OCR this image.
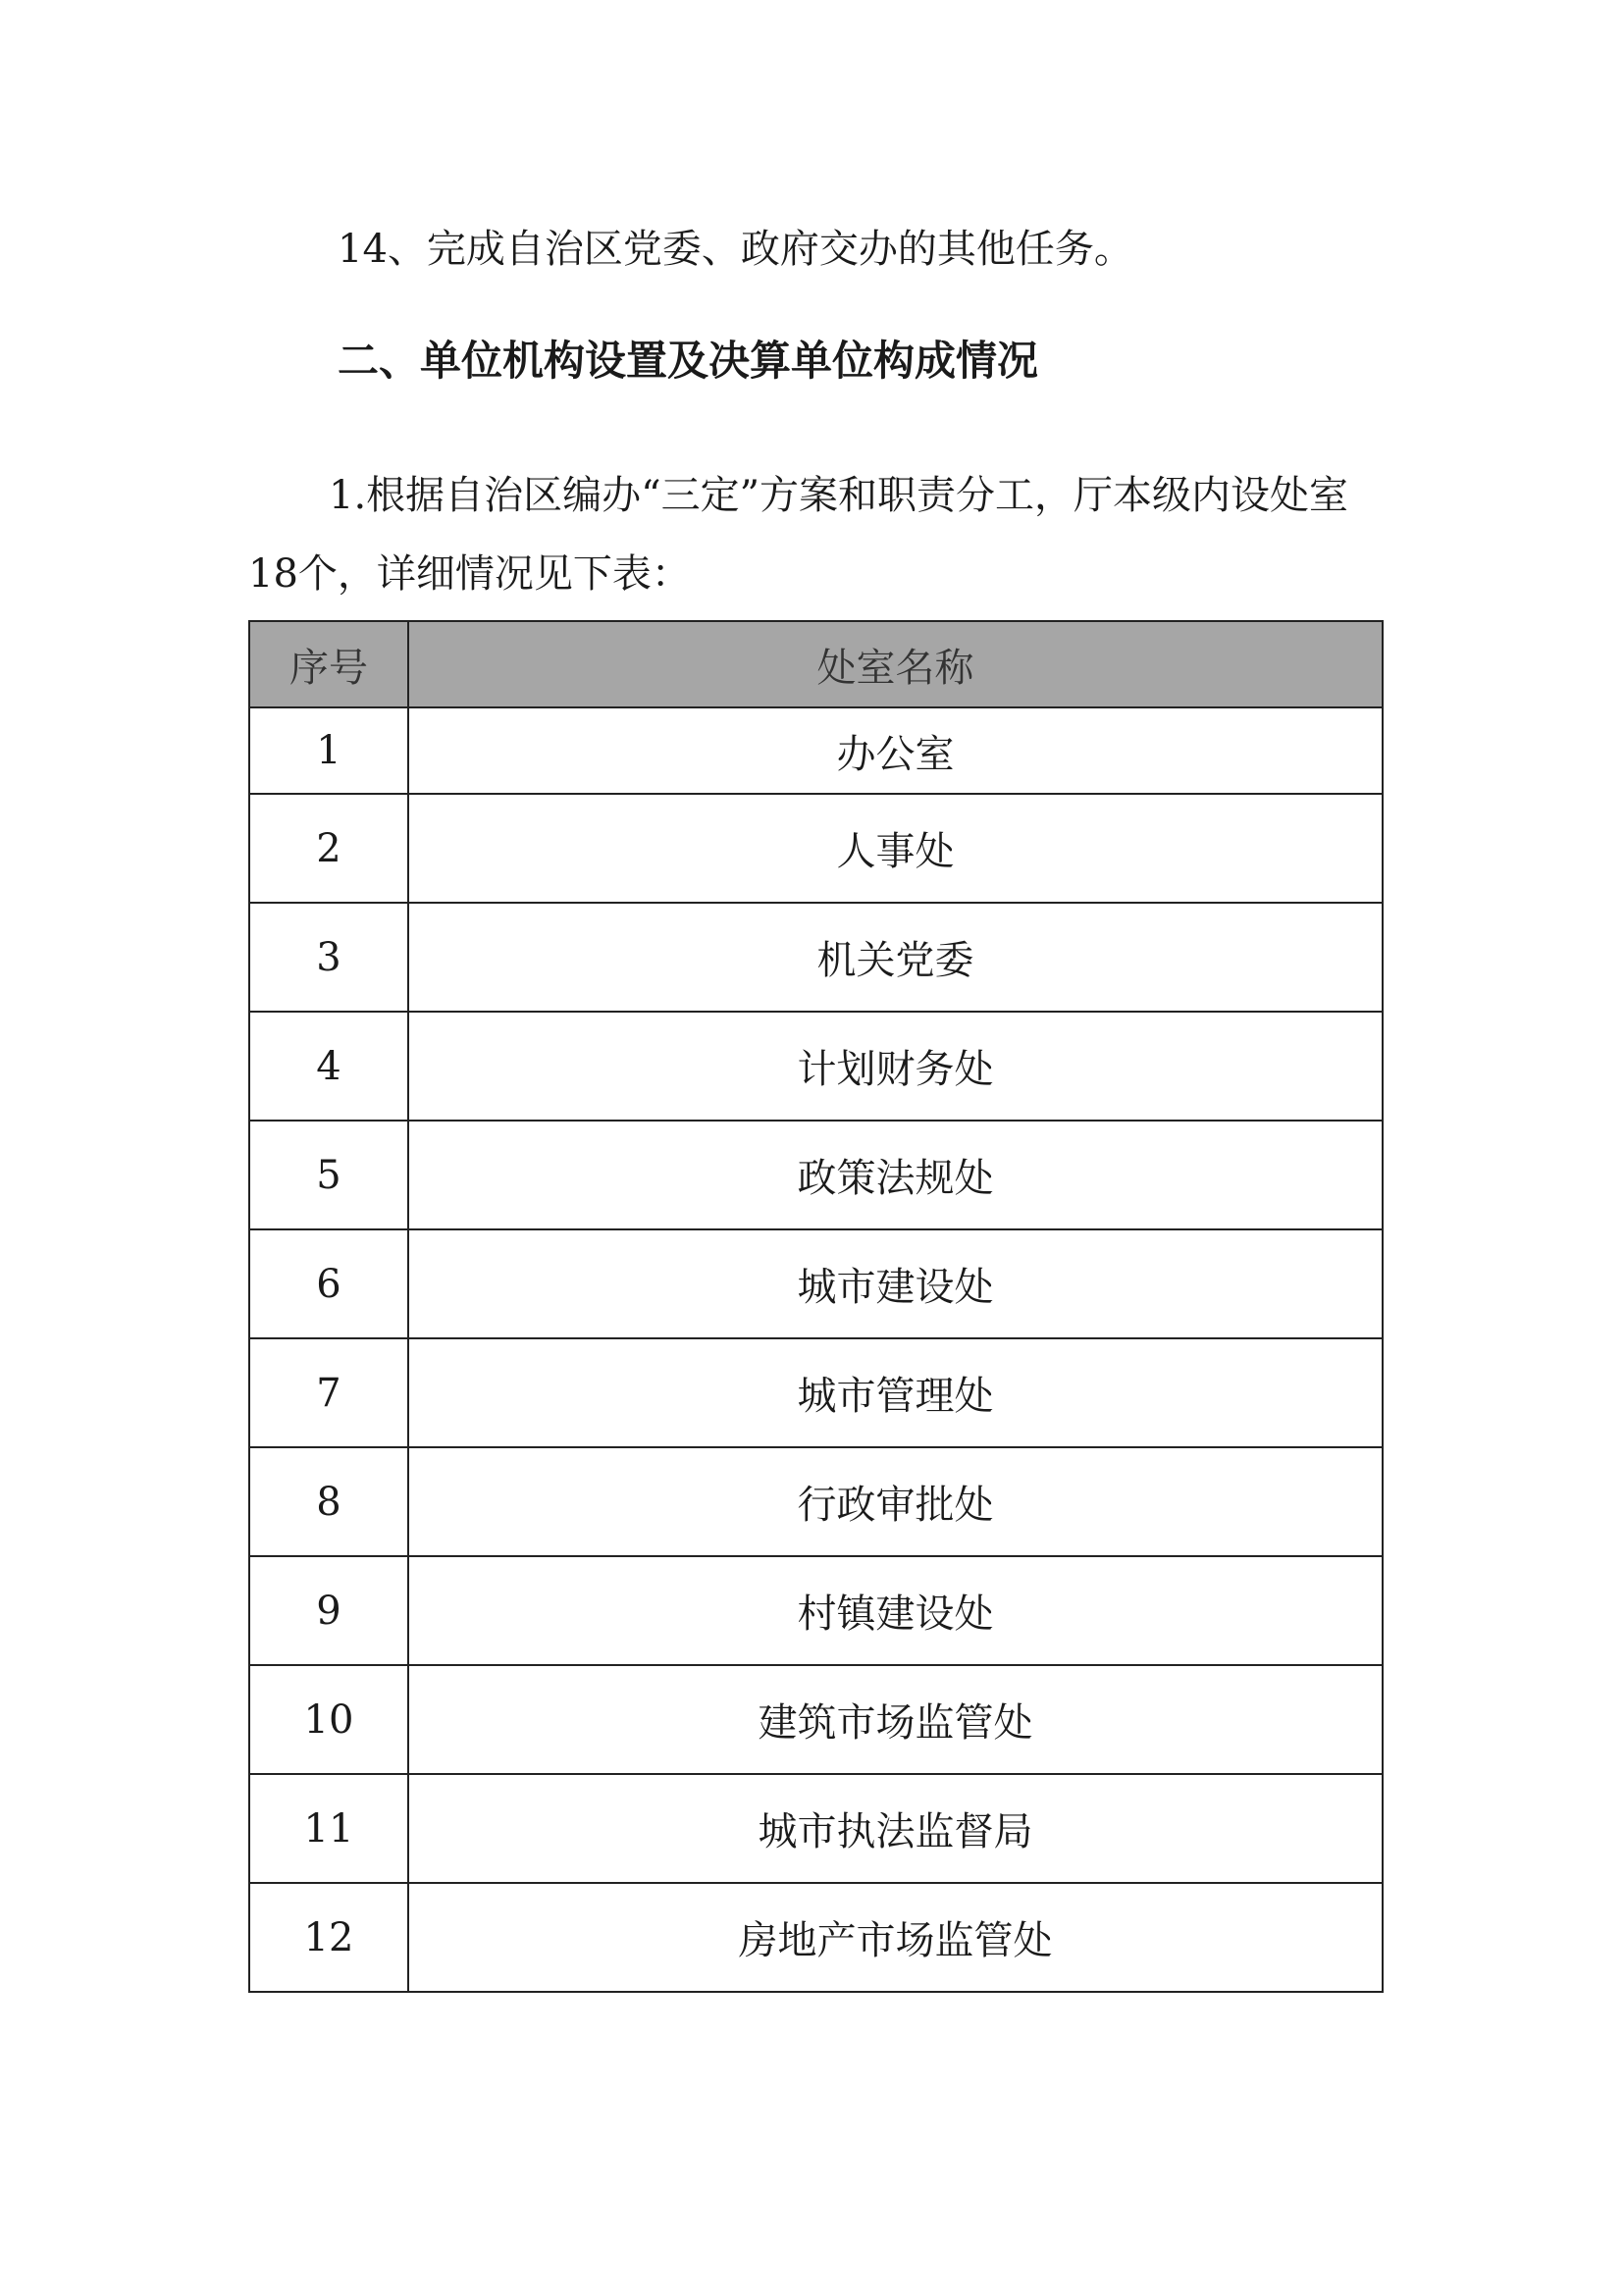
14、完成自治区党委、政府交办的其他任务。

二、单位机构设置及决算单位构成情况

1.根据自治区编办“三定”方案和职责分工，厅本级内设处室18个，详细情况见下表：

序号	处室名称
1	办公室
2	人事处
3	机关党委
4	计划财务处
5	政策法规处
6	城市建设处
7	城市管理处
8	行政审批处
9	村镇建设处
10	建筑市场监管处
11	城市执法监督局
12	房地产市场监管处
